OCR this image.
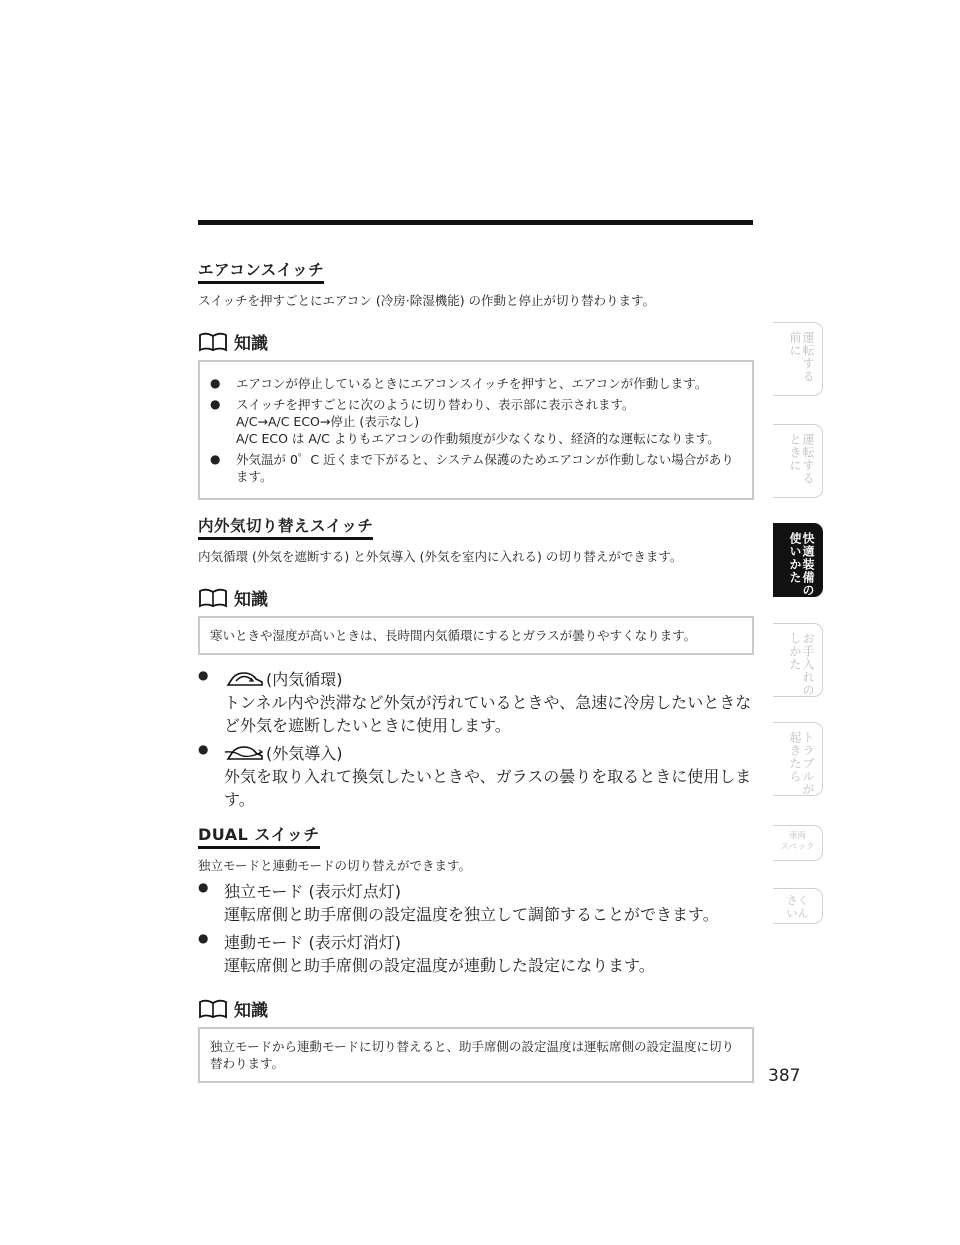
エアコンスイッチ

スイッチを押すごとにエアコン (冷房·除湿機能) の作動と停止が切り替わります。

知識
●	エアコンが停止しているときにエアコンスイッチを押すと、エアコンが作動します。
●	スイッチを押すごとに次のように切り替わり、表示部に表示されます。
A/C→A/C ECO→停止 (表示なし)
A/C ECO は A/C よりもエアコンの作動頻度が少なくなり、経済的な運転になります。
●	外気温が 0゜C 近くまで下がると、システム保護のためエアコンが作動しない場合があります。
内外気切り替えスイッチ

内気循環 (外気を遮断する) と外気導入 (外気を室内に入れる) の切り替えができます。

知識
寒いときや湿度が高いときは、長時間内気循環にするとガラスが曇りやすくなります。
●	(内気循環)
トンネル内や渋滞など外気が汚れているときや、急速に冷房したいときなど外気を遮断したいときに使用します。
●	(外気導入)
外気を取り入れて換気したいときや、ガラスの曇りを取るときに使用します。
DUAL スイッチ

独立モードと連動モードの切り替えができます。

● 独立モード (表示灯点灯)
運転席側と助手席側の設定温度を独立して調節することができます。
● 連動モード (表示灯消灯)
運転席側と助手席側の設定温度が連動した設定になります。
知識
独立モードから連動モードに切り替えると、助手席側の設定温度は運転席側の設定温度に切り替わります。
運転する
前に
運転する
ときに
快適装備の
使いかた
お手入れの
しかた
トラブルが
起きたら
車両
スペック
さく
いん
387
